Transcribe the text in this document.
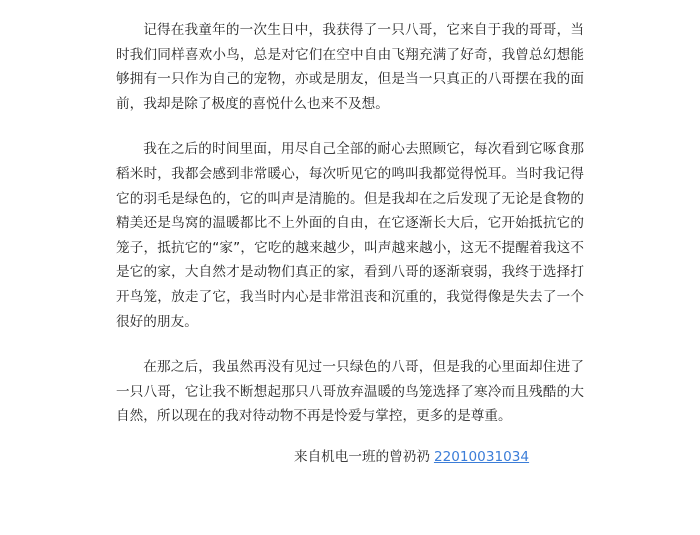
记得在我童年的一次生日中，我获得了一只八哥，它来自于我的哥哥，当时我们同样喜欢小鸟，总是对它们在空中自由飞翔充满了好奇，我曾总幻想能够拥有一只作为自己的宠物，亦或是朋友，但是当一只真正的八哥摆在我的面前，我却是除了极度的喜悦什么也来不及想。

我在之后的时间里面，用尽自己全部的耐心去照顾它，每次看到它啄食那稻米时，我都会感到非常暖心，每次听见它的鸣叫我都觉得悦耳。当时我记得它的羽毛是绿色的，它的叫声是清脆的。但是我却在之后发现了无论是食物的精美还是鸟窝的温暖都比不上外面的自由，在它逐渐长大后，它开始抵抗它的笼子，抵抗它的“家”，它吃的越来越少，叫声越来越小，这无不提醒着我这不是它的家，大自然才是动物们真正的家，看到八哥的逐渐衰弱，我终于选择打开鸟笼，放走了它，我当时内心是非常沮丧和沉重的，我觉得像是失去了一个很好的朋友。

在那之后，我虽然再没有见过一只绿色的八哥，但是我的心里面却住进了一只八哥，它让我不断想起那只八哥放弃温暖的鸟笼选择了寒冷而且残酷的大自然，所以现在的我对待动物不再是怜爱与掌控，更多的是尊重。

来自机电一班的曾礽礽 22010031034
